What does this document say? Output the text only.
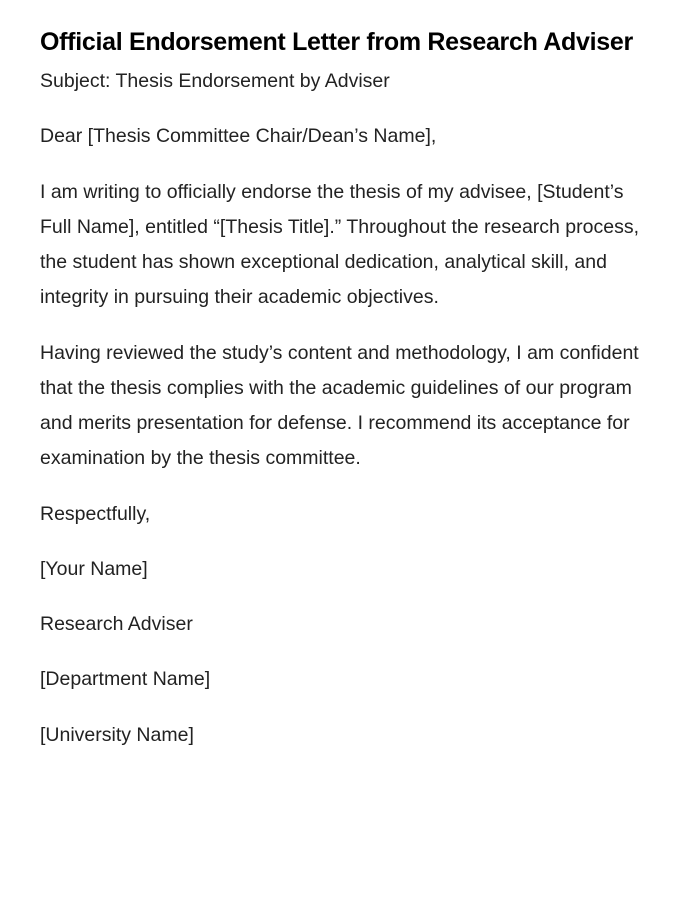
Official Endorsement Letter from Research Adviser

Subject: Thesis Endorsement by Adviser

Dear [Thesis Committee Chair/Dean’s Name],

I am writing to officially endorse the thesis of my advisee, [Student’s Full Name], entitled “[Thesis Title].” Throughout the research process, the student has shown exceptional dedication, analytical skill, and integrity in pursuing their academic objectives.

Having reviewed the study’s content and methodology, I am confident that the thesis complies with the academic guidelines of our program and merits presentation for defense. I recommend its acceptance for examination by the thesis committee.

Respectfully,

[Your Name]

Research Adviser

[Department Name]

[University Name]
